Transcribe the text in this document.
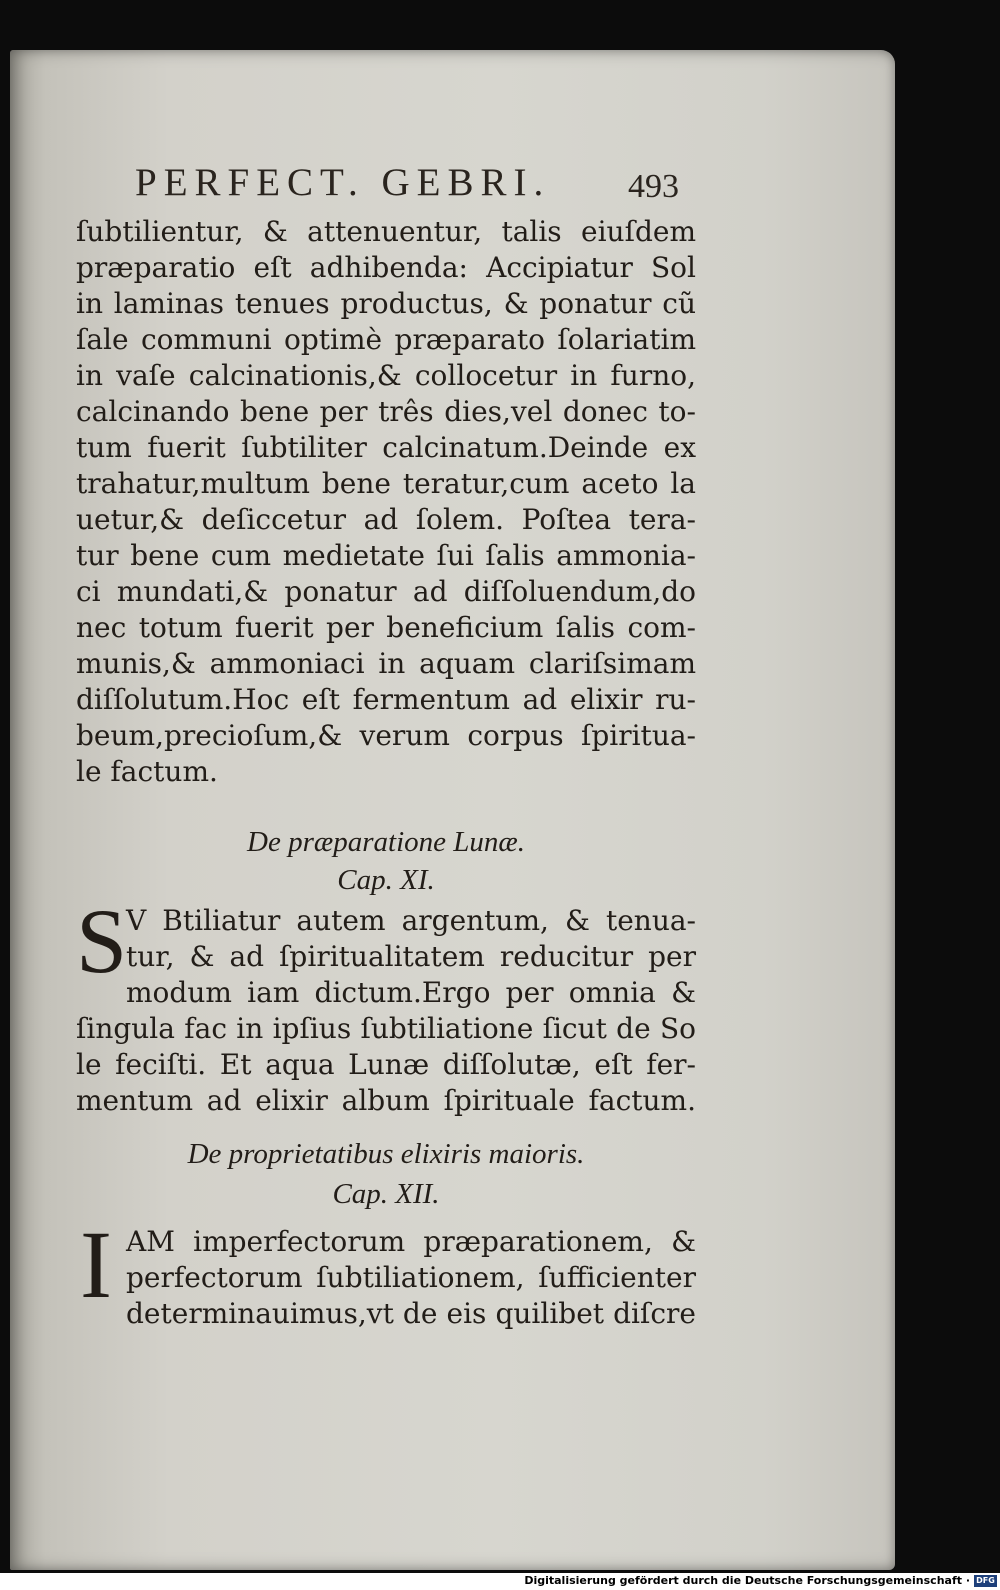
PERFECT. GEBRI. 493

ſubtilientur, & attenuentur, talis eiuſdem

præparatio eſt adhibenda: Accipiatur Sol

in laminas tenues productus, & ponatur cũ

ſale communi optimè præparato ſolariatim

in vaſe calcinationis,& collocetur in furno,

calcinando bene per três dies,vel donec to-

tum fuerit ſubtiliter calcinatum.Deinde ex

trahatur,multum bene teratur,cum aceto la

uetur,& deſiccetur ad ſolem. Poſtea tera-

tur bene cum medietate ſui ſalis ammonia-

ci mundati,& ponatur ad diſſoluendum,do

nec totum fuerit per beneficium ſalis com-

munis,& ammoniaci in aquam clariſsimam

diſſolutum.Hoc eſt fermentum ad elixir ru-

beum,precioſum,& verum corpus ſpiritua-

le factum.

De præparatione Lunæ.
Cap. XI.
S

V Btiliatur autem argentum, & tenua-

tur, & ad ſpiritualitatem reducitur per

modum iam dictum.Ergo per omnia &

ſingula fac in ipſius ſubtiliatione ſicut de So

le feciſti. Et aqua Lunæ diſſolutæ, eſt fer-

mentum ad elixir album ſpirituale factum.

De proprietatibus elixiris maioris.
Cap. XII.
I AM imperfectorum præparationem, &

perfectorum ſubtiliationem, ſufficienter

determinauimus,vt de eis quilibet diſcre

Digitalisierung gefördert durch die Deutsche Forschungsgemeinschaft · DFG
